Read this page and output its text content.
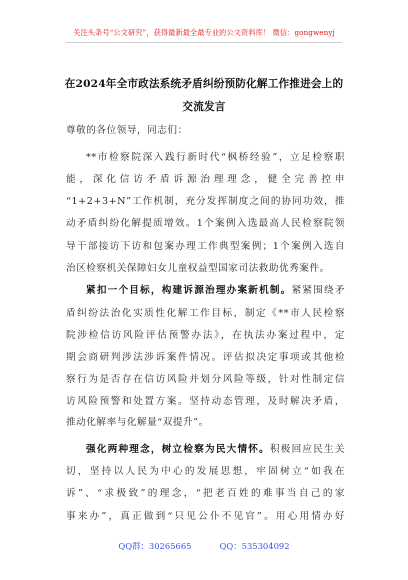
关注头条号“公文研究”，获得最新最全最专业的公文资料库！ 微信：gongwenyj
在2024年全市政法系统矛盾纠纷预防化解工作推进会上的
交流发言
尊敬的各位领导，同志们：
**市检察院深入践行新时代“枫桥经验”，立足检察职
能，深化信访矛盾诉源治理理念，健全完善控申
“1+2+3+N”工作机制，充分发挥制度之间的协同功效，推
动矛盾纠纷化解提质增效。1个案例入选最高人民检察院领
导干部接访下访和包案办理工作典型案例；1个案例入选自
治区检察机关保障妇女儿童权益型国家司法救助优秀案件。
紧扣一个目标，构建诉源治理办案新机制。紧紧围绕矛
盾纠纷法治化实质性化解工作目标，制定《**市人民检察
院涉检信访风险评估预警办法》，在执法办案过程中，定
期会商研判涉法涉诉案件情况。评估拟决定事项或其他检
察行为是否存在信访风险并划分风险等级，针对性制定信
访风险预警和处置方案。坚持动态管理，及时解决矛盾，
推动化解率与化解量“双提升”。
强化两种理念，树立检察为民大情怀。积极回应民生关
切，坚持以人民为中心的发展思想，牢固树立“如我在
诉”、“求极致”的理念，“把老百姓的难事当自己的家
事来办”，真正做到“只见公仆不见官”。用心用情办好
QQ群：30265665	QQ：535304092
